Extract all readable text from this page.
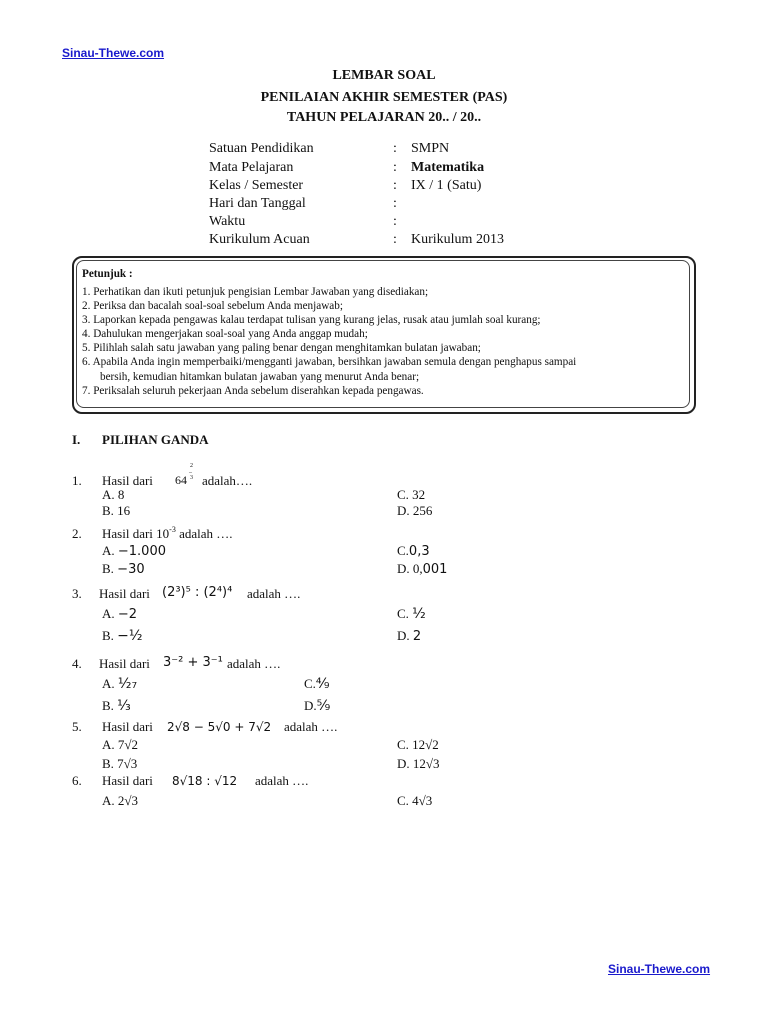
Sinau-Thewe.com
Sinau-Thewe.com
LEMBAR SOAL
PENILAIAN AKHIR SEMESTER (PAS)
TAHUN PELAJARAN 20.. / 20..
Satuan Pendidikan	: SMPN
Mata Pelajaran	: Matematika
Kelas / Semester	: IX / 1 (Satu)
Hari dan Tanggal	:
Waktu	:
Kurikulum Acuan	: Kurikulum 2013
Petunjuk :
1. Perhatikan dan ikuti petunjuk pengisian Lembar Jawaban yang disediakan;
2. Periksa dan bacalah soal-soal sebelum Anda menjawab;
3. Laporkan kepada pengawas kalau terdapat tulisan yang kurang jelas, rusak atau jumlah soal kurang;
4. Dahulukan mengerjakan soal-soal yang Anda anggap mudah;
5. Pilihlah salah satu jawaban yang paling benar dengan menghitamkan bulatan jawaban;
6. Apabila Anda ingin memperbaiki/mengganti jawaban, bersihkan jawaban semula dengan penghapus sampai
bersih, kemudian hitamkan bulatan jawaban yang menurut Anda benar;
7. Periksalah seluruh pekerjaan Anda sebelum diserahkan kepada pengawas.
I. PILIHAN GANDA
1. Hasil dari 64
2
–
3 adalah….
A. 8
B. 16
C. 32
D. 256
2. Hasil dari $10^{-3}$ adalah ….
A. −1.000
B. −30
C.0,3
D. 0,001
3. Hasil dari (2³)⁵ : (2⁴)⁴ adalah ….
A. −2
B. −¹⁄₂
C. ¹⁄₂
D. 2
4. Hasil dari 3⁻² + 3⁻¹ adalah ….
A. ¹⁄₂₇
B. ¹⁄₃
C.⁴⁄₉
D.⁵⁄₉
5. Hasil dari 2√8 − 5√0 + 7√2 adalah ….
A. 7√2
B. 7√3
C. 12√2
D. 12√3
6. Hasil dari 8√18 : √12 adalah ….
A. 2√3	C. 4√3
